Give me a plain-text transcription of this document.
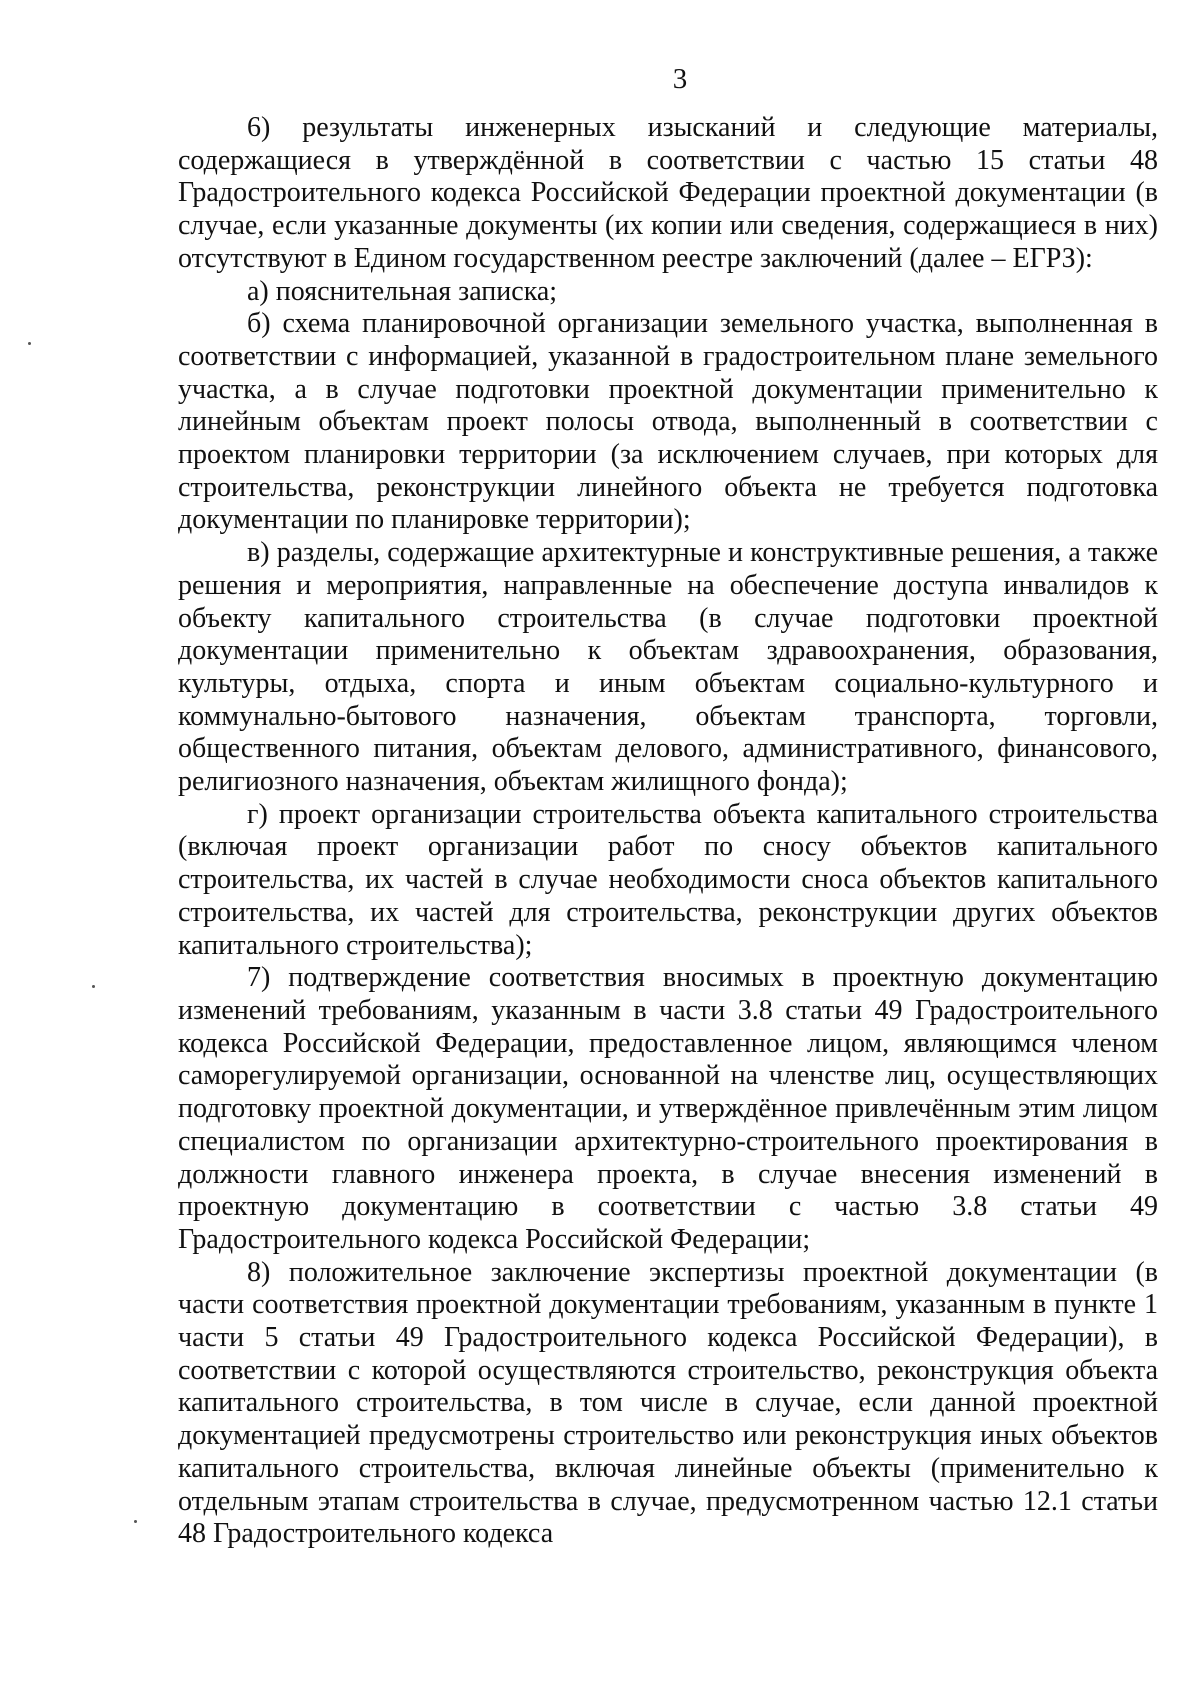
3

6) результаты инженерных изысканий и следующие материалы, содержащиеся в утверждённой в соответствии с частью 15 статьи 48 Градостроительного кодекса Российской Федерации проектной документации (в случае, если указанные документы (их копии или сведения, содержащиеся в них) отсутствуют в Едином государственном реестре заключений (далее – ЕГРЗ):

а) пояснительная записка;

б) схема планировочной организации земельного участка, выполненная в соответствии с информацией, указанной в градостроительном плане земельного участка, а в случае подготовки проектной документации применительно к линейным объектам проект полосы отвода, выполненный в соответствии с проектом планировки территории (за исключением случаев, при которых для строительства, реконструкции линейного объекта не требуется подготовка документации по планировке территории);

в) разделы, содержащие архитектурные и конструктивные решения, а также решения и мероприятия, направленные на обеспечение доступа инвалидов к объекту капитального строительства (в случае подготовки проектной документации применительно к объектам здравоохранения, образования, культуры, отдыха, спорта и иным объектам социально-культурного и коммунально-бытового назначения, объектам транспорта, торговли, общественного питания, объектам делового, административного, финансового, религиозного назначения, объектам жилищного фонда);

г) проект организации строительства объекта капитального строительства (включая проект организации работ по сносу объектов капитального строительства, их частей в случае необходимости сноса объектов капитального строительства, их частей для строительства, реконструкции других объектов капитального строительства);

7) подтверждение соответствия вносимых в проектную документацию изменений требованиям, указанным в части 3.8 статьи 49 Градостроительного кодекса Российской Федерации, предоставленное лицом, являющимся членом саморегулируемой организации, основанной на членстве лиц, осуществляющих подготовку проектной документации, и утверждённое привлечённым этим лицом специалистом по организации архитектурно-строительного проектирования в должности главного инженера проекта, в случае внесения изменений в проектную документацию в соответствии с частью 3.8 статьи 49 Градостроительного кодекса Российской Федерации;

8) положительное заключение экспертизы проектной документации (в части соответствия проектной документации требованиям, указанным в пункте 1 части 5 статьи 49 Градостроительного кодекса Российской Федерации), в соответствии с которой осуществляются строительство, реконструкция объекта капитального строительства, в том числе в случае, если данной проектной документацией предусмотрены строительство или реконструкция иных объектов капитального строительства, включая линейные объекты (применительно к отдельным этапам строительства в случае, предусмотренном частью 12.1 статьи 48 Градостроительного кодекса
